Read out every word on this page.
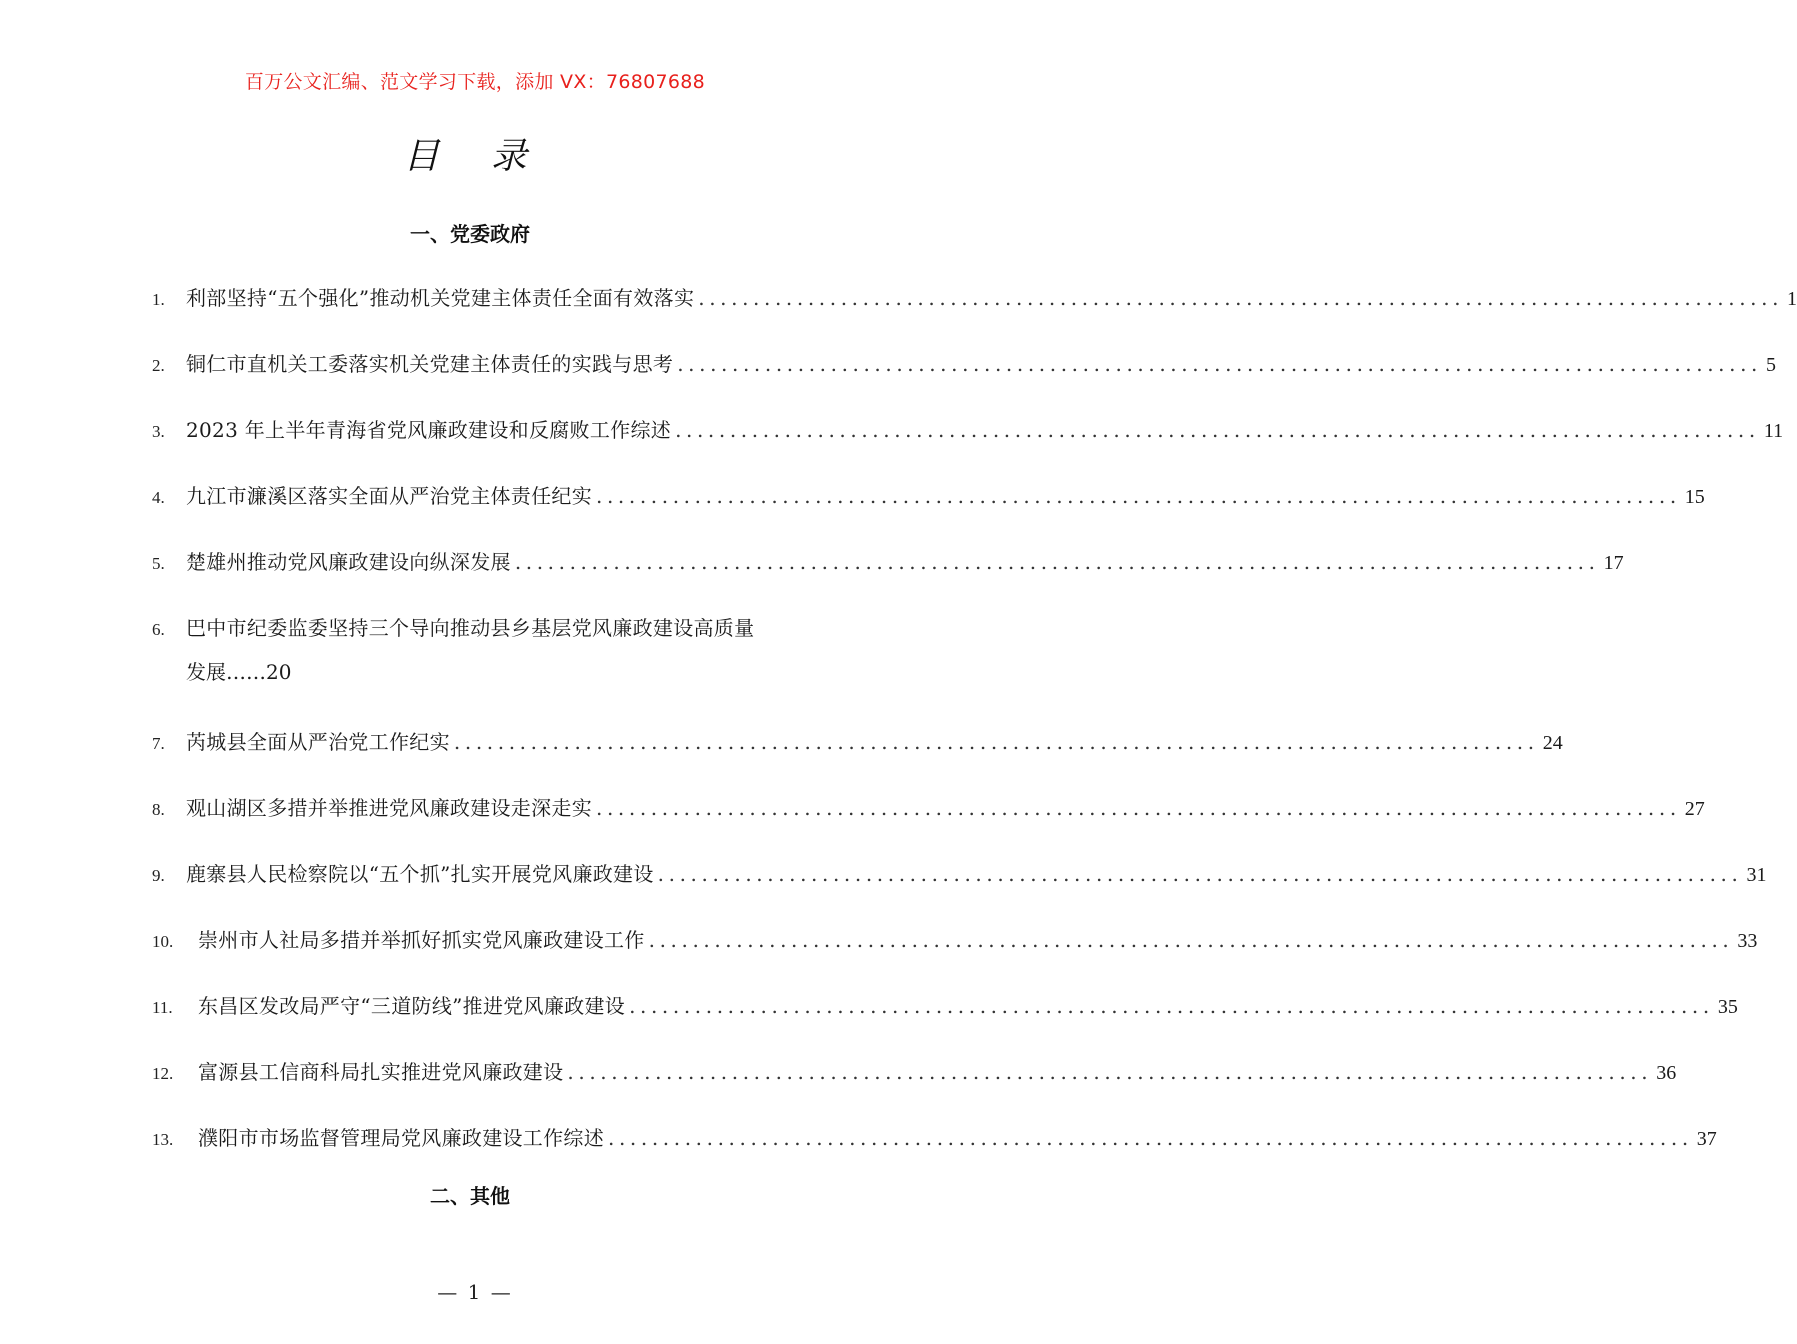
百万公文汇编、范文学习下载，添加 VX：76807688
目 录
一、党委政府
1.	利部坚持“五个强化”推动机关党建主体责任全面有效落实 ................................................................................................... 1
2.	铜仁市直机关工委落实机关党建主体责任的实践与思考 ................................................................................................... 5
3.	2023 年上半年青海省党风廉政建设和反腐败工作综述 ................................................................................................... 11
4.	九江市濂溪区落实全面从严治党主体责任纪实 ................................................................................................... 15
5.	楚雄州推动党风廉政建设向纵深发展 ................................................................................................... 17
6.	巴中市纪委监委坚持三个导向推动县乡基层党风廉政建设高质量
发展……20
7.	芮城县全面从严治党工作纪实 ................................................................................................... 24
8.	观山湖区多措并举推进党风廉政建设走深走实 ................................................................................................... 27
9.	鹿寨县人民检察院以“五个抓”扎实开展党风廉政建设 ................................................................................................... 31
10.	崇州市人社局多措并举抓好抓实党风廉政建设工作 ................................................................................................... 33
11.	东昌区发改局严守“三道防线”推进党风廉政建设 ................................................................................................... 35
12.	富源县工信商科局扎实推进党风廉政建设 ................................................................................................... 36
13.	濮阳市市场监督管理局党风廉政建设工作综述 ................................................................................................... 37
二、其他
— 1 —
